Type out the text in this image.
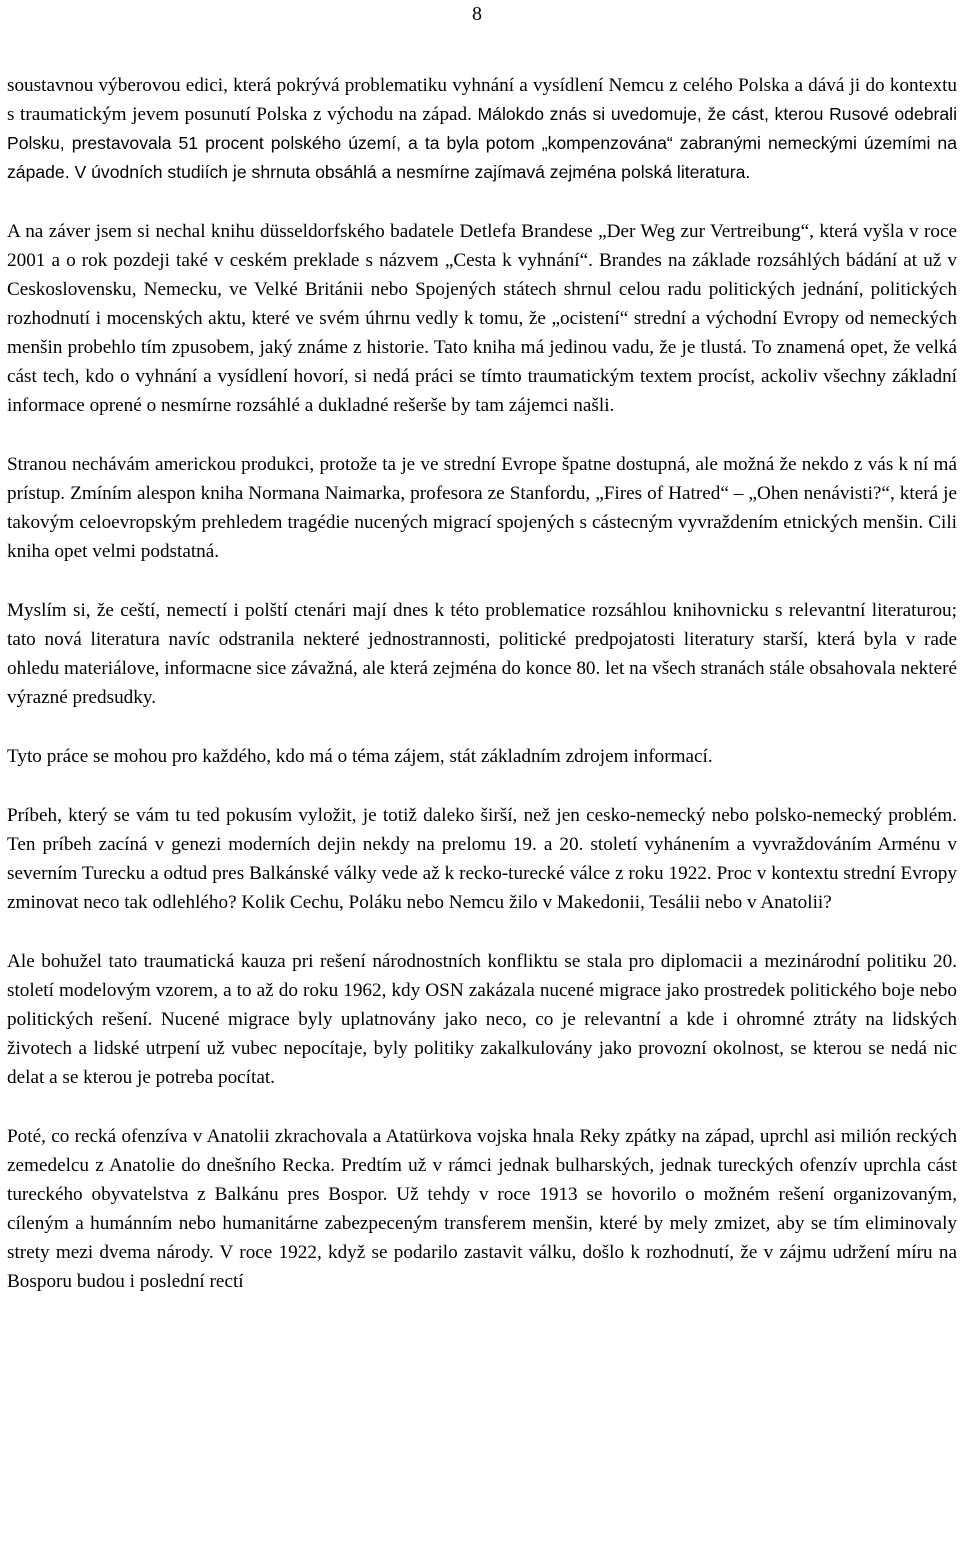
8

soustavnou výberovou edici, která pokrývá problematiku vyhnání a vysídlení Nemcu z celého Polska a dává ji do kontextu s traumatickým jevem posunutí Polska z východu na západ. Málokdo znás si uvedomuje, že cást, kterou Rusové odebrali Polsku, prestavovala 51 procent polského území, a ta byla potom „kompenzována“ zabranými nemeckými územími na západe. V úvodních studiích je shrnuta obsáhlá a nesmírne zajímavá zejména polská literatura.

A na záver jsem si nechal knihu düsseldorfského badatele Detlefa Brandese „Der Weg zur Vertreibung“, která vyšla v roce 2001 a o rok pozdeji také v ceském preklade s názvem „Cesta k vyhnání“. Brandes na základe rozsáhlých bádání at už v Ceskoslovensku, Nemecku, ve Velké Británii nebo Spojených státech shrnul celou radu politických jednání, politických rozhodnutí i mocenských aktu, které ve svém úhrnu vedly k tomu, že „ocistení“ strední a východní Evropy od nemeckých menšin probehlo tím zpusobem, jaký známe z historie. Tato kniha má jedinou vadu, že je tlustá. To znamená opet, že velká cást tech, kdo o vyhnání a vysídlení hovorí, si nedá práci se tímto traumatickým textem procíst, ackoliv všechny základní informace oprené o nesmírne rozsáhlé a dukladné rešerše by tam zájemci našli.

Stranou nechávám americkou produkci, protože ta je ve strední Evrope špatne dostupná, ale možná že nekdo z vás k ní má prístup. Zmíním alespon kniha Normana Naimarka, profesora ze Stanfordu, „Fires of Hatred“ – „Ohen nenávisti?“, která je takovým celoevropským prehledem tragédie nucených migrací spojených s cástecným vyvraždením etnických menšin. Cili kniha opet velmi podstatná.

Myslím si, že ceští, nemectí i polští ctenári mají dnes k této problematice rozsáhlou knihovnicku s relevantní literaturou; tato nová literatura navíc odstranila nekteré jednostrannosti, politické predpojatosti literatury starší, která byla v rade ohledu materiálove, informacne sice závažná, ale která zejména do konce 80. let na všech stranách stále obsahovala nekteré výrazné predsudky.

Tyto práce se mohou pro každého, kdo má o téma zájem, stát základním zdrojem informací.

Príbeh, který se vám tu ted pokusím vyložit, je totiž daleko širší, než jen cesko-nemecký nebo polsko-nemecký problém. Ten príbeh zacíná v genezi moderních dejin nekdy na prelomu 19. a 20. století vyhánením a vyvraždováním Arménu v severním Turecku a odtud pres Balkánské války vede až k recko-turecké válce z roku 1922. Proc v kontextu strední Evropy zminovat neco tak odlehlého? Kolik Cechu, Poláku nebo Nemcu žilo v Makedonii, Tesálii nebo v Anatolii?

Ale bohužel tato traumatická kauza pri rešení národnostních konfliktu se stala pro diplomacii a mezinárodní politiku 20. století modelovým vzorem, a to až do roku 1962, kdy OSN zakázala nucené migrace jako prostredek politického boje nebo politických rešení. Nucené migrace byly uplatnovány jako neco, co je relevantní a kde i ohromné ztráty na lidských životech a lidské utrpení už vubec nepocítaje, byly politiky zakalkulovány jako provozní okolnost, se kterou se nedá nic delat a se kterou je potreba pocítat.

Poté, co recká ofenzíva v Anatolii zkrachovala a Atatürkova vojska hnala Reky zpátky na západ, uprchl asi milión reckých zemedelcu z Anatolie do dnešního Recka. Predtím už v rámci jednak bulharských, jednak tureckých ofenzív uprchla cást tureckého obyvatelstva z Balkánu pres Bospor. Už tehdy v roce 1913 se hovorilo o možném rešení organizovaným, cíleným a humánním nebo humanitárne zabezpeceným transferem menšin, které by mely zmizet, aby se tím eliminovaly strety mezi dvema národy. V roce 1922, když se podarilo zastavit válku, došlo k rozhodnutí, že v zájmu udržení míru na Bosporu budou i poslední rectí
